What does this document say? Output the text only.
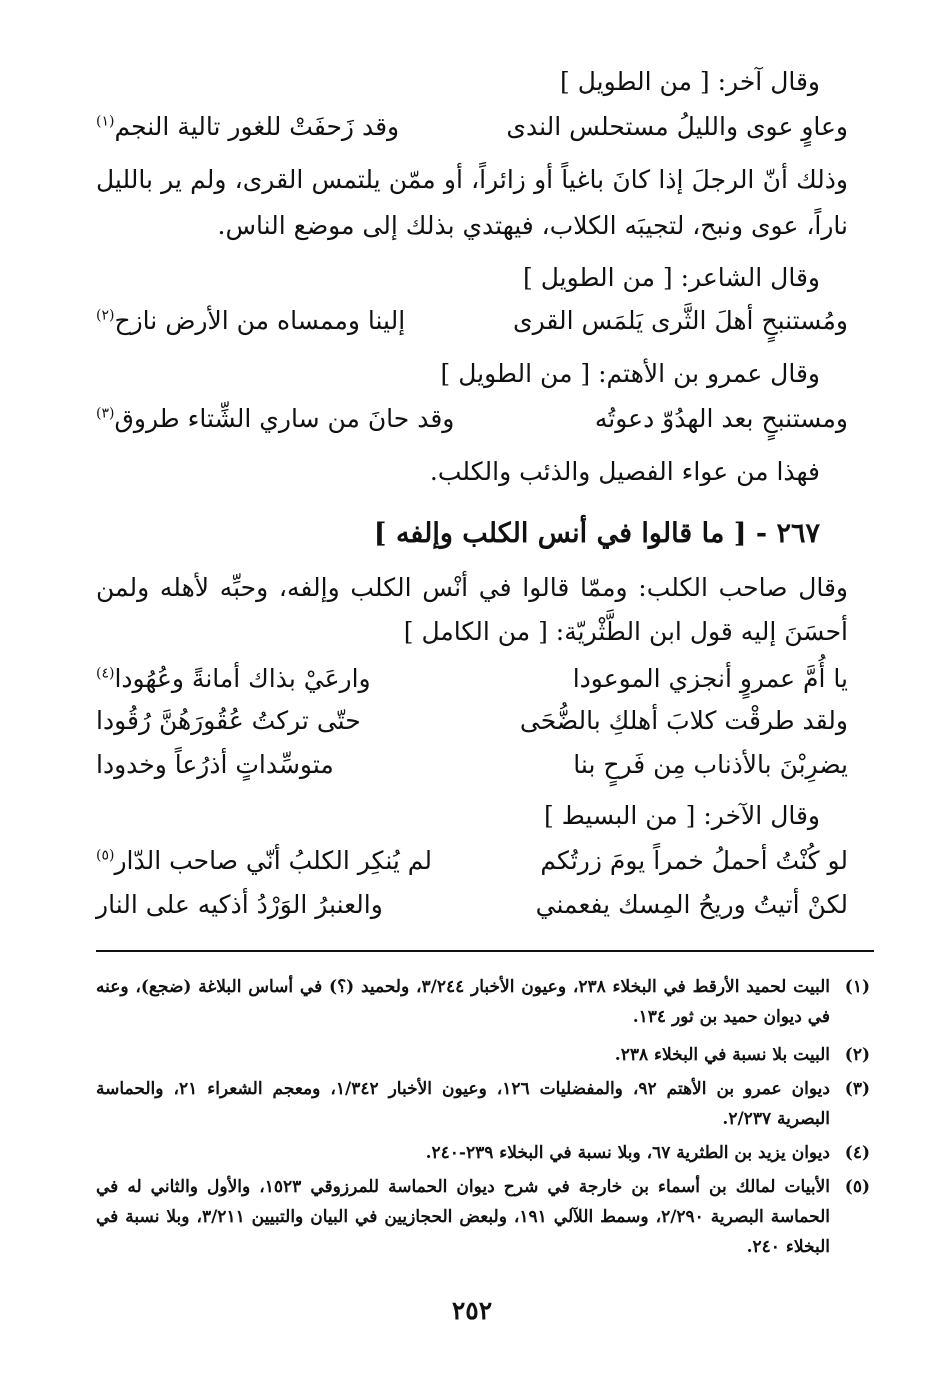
وقال آخر: [ من الطويل ]
وعاوٍ عوى والليلُ مستحلس الندى
وقد زَحفَتْ للغور تالية النجم$^{(١)}$
وذلك أنّ الرجلَ إذا كانَ باغياً أو زائراً، أو ممّن يلتمس القرى، ولم ير بالليل
ناراً، عوى ونبح، لتجيبَه الكلاب، فيهتدي بذلك إلى موضع الناس.
وقال الشاعر: [ من الطويل ]
ومُستنبحٍ أهلَ الثَّرى يَلمَس القرى
إلينا وممساه من الأرض نازح$^{(٢)}$
وقال عمرو بن الأهتم: [ من الطويل ]
ومستنبحٍ بعد الهدُوّ دعوتُه
وقد حانَ من ساري الشِّتاء طروق$^{(٣)}$
فهذا من عواء الفصيل والذئب والكلب.
٢٦٧ - [ ما قالوا في أنس الكلب وإلفه ]
وقال صاحب الكلب: وممّا قالوا في أنْس الكلب وإلفه، وحبِّه لأهله ولمن
أحسَنَ إليه قول ابن الطَّثْريّة: [ من الكامل ]
يا أُمَّ عمروٍ أنجزي الموعودا
وارعَيْ بذاك أمانةً وعُهُودا$^{(٤)}$
ولقد طرقْت كلابَ أهلكِ بالضُّحَى
حتّى تركتُ عُقُورَهُنَّ رُقُودا
يضرِبْنَ بالأذناب مِن فَرحٍ بنا
متوسِّداتٍ أذرُعاً وخدودا
وقال الآخر: [ من البسيط ]
لو كُنْتُ أحملُ خمراً يومَ زرتُكم
لم يُنكِر الكلبُ أنّي صاحب الدّار$^{(٥)}$
لكنْ أتيتُ وريحُ المِسك يفعمني
والعنبرُ الوَرْدُ أذكيه على النار
(١)
البيت لحميد الأرقط في البخلاء ٢٣٨، وعيون الأخبار ٣/٢٤٤، ولحميد (؟) في أساس البلاغة (ضجع)، وعنه في ديوان حميد بن ثور ١٣٤.
(٢)
البيت بلا نسبة في البخلاء ٢٣٨.
(٣)
ديوان عمرو بن الأهتم ٩٢، والمفضليات ١٢٦، وعيون الأخبار ١/٣٤٢، ومعجم الشعراء ٢١، والحماسة البصرية ٢/٢٣٧.
(٤)
ديوان يزيد بن الطثرية ٦٧، وبلا نسبة في البخلاء ٢٣٩-٢٤٠.
(٥)
الأبيات لمالك بن أسماء بن خارجة في شرح ديوان الحماسة للمرزوقي ١٥٢٣، والأول والثاني له في الحماسة البصرية ٢/٢٩٠، وسمط اللآلي ١٩١، ولبعض الحجازيين في البيان والتبيين ٣/٢١١، وبلا نسبة في البخلاء ٢٤٠.
٢٥٢
